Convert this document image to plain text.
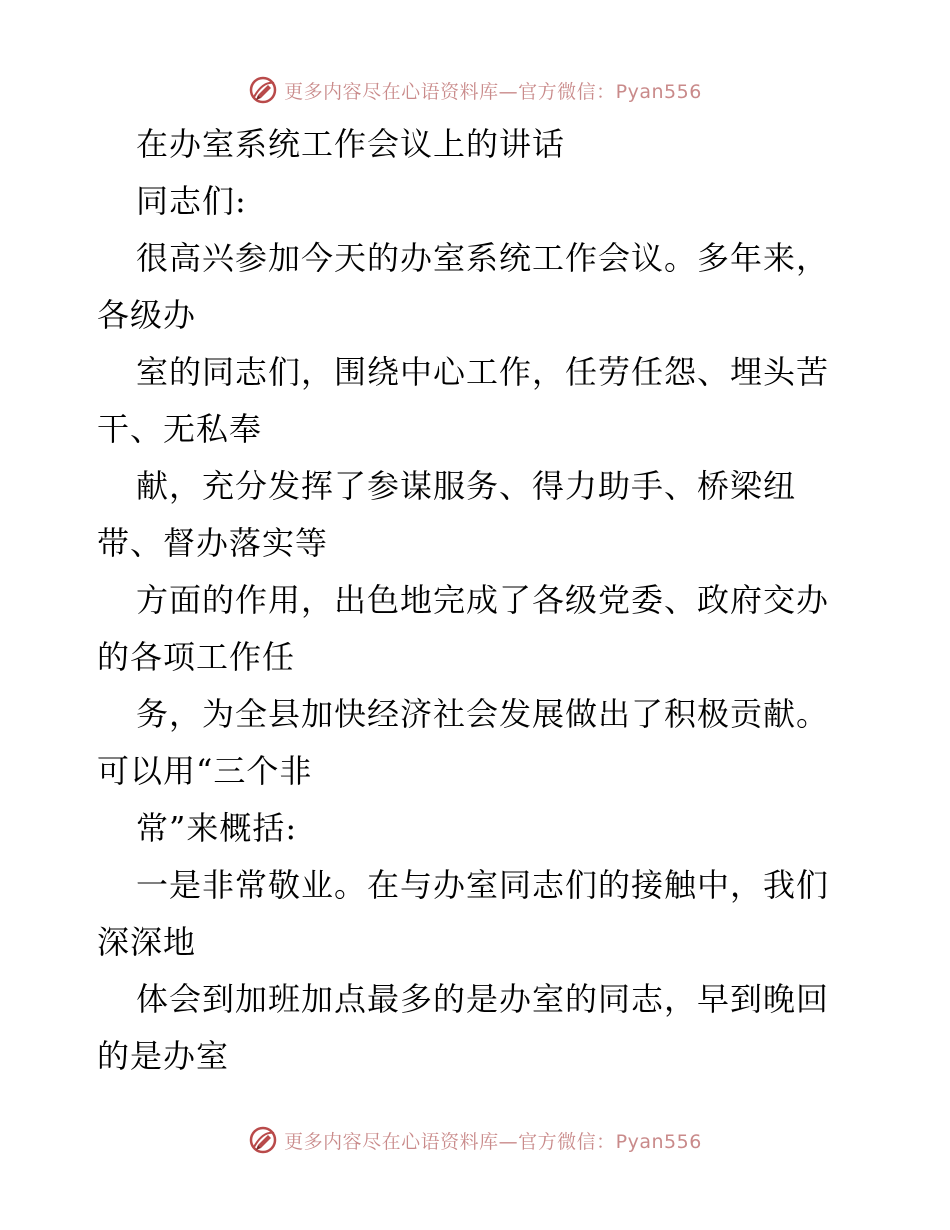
更多内容尽在心语资料库—官方微信：Pyan556
在办室系统工作会议上的讲话
同志们:
很高兴参加今天的办室系统工作会议。多年来，
各级办
室的同志们，围绕中心工作，任劳任怨、埋头苦
干、无私奉
献，充分发挥了参谋服务、得力助手、桥梁纽
带、督办落实等
方面的作用，出色地完成了各级党委、政府交办
的各项工作任
务，为全县加快经济社会发展做出了积极贡献。
可以用“三个非
常”来概括:
一是非常敬业。在与办室同志们的接触中，我们
深深地
体会到加班加点最多的是办室的同志，早到晚回
的是办室
更多内容尽在心语资料库—官方微信：Pyan556
